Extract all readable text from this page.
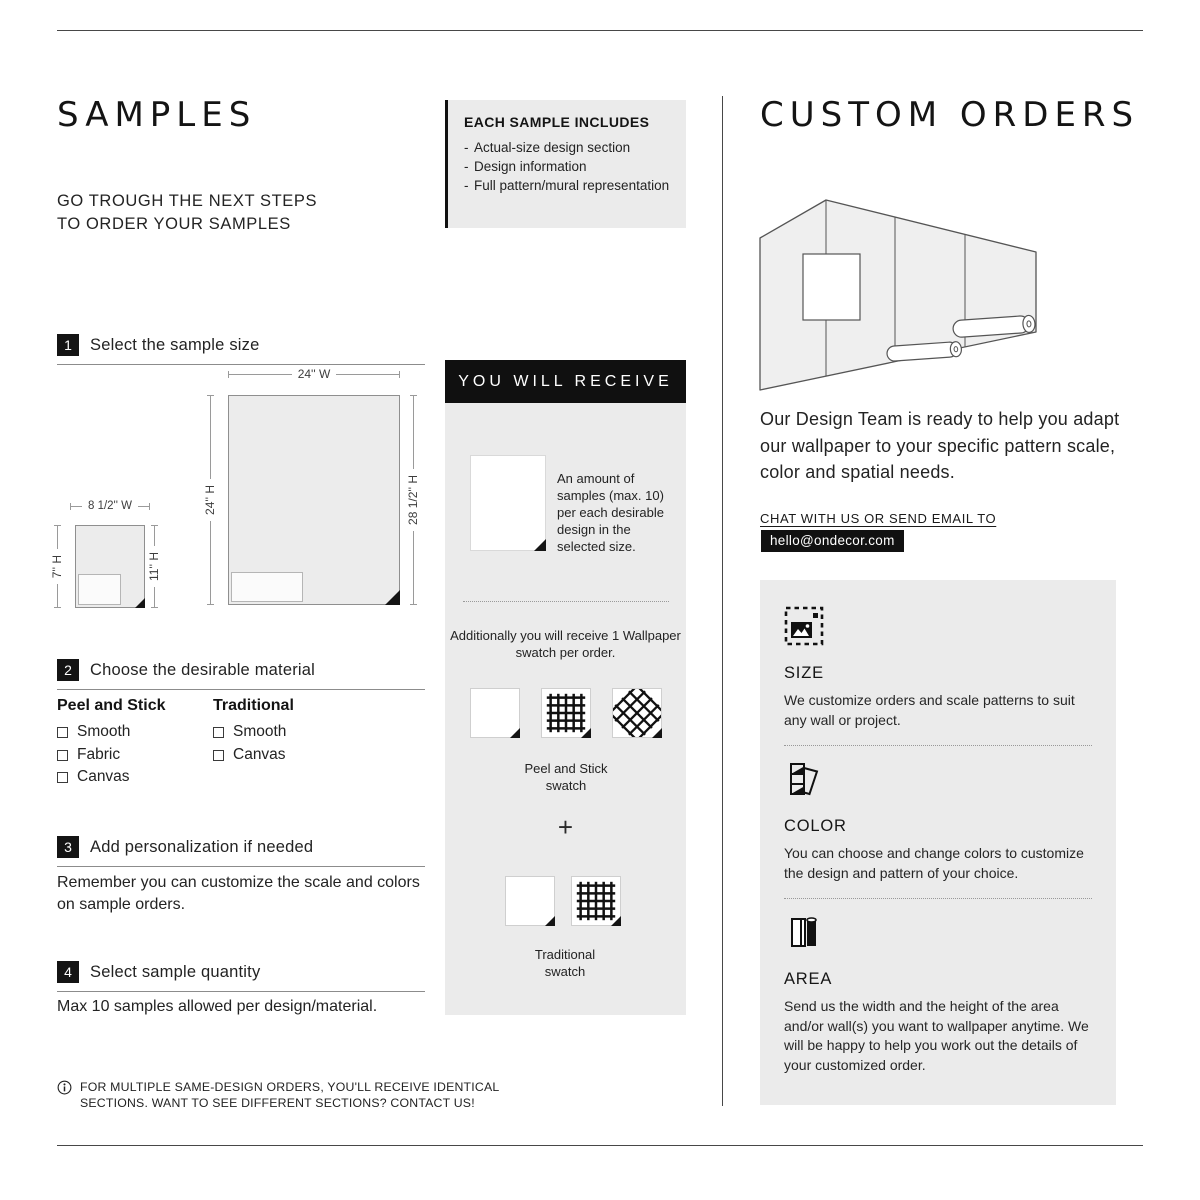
SAMPLES

GO TROUGH THE NEXT STEPS
TO ORDER YOUR SAMPLES

EACH SAMPLE INCLUDES
- Actual-size design section
- Design information
- Full pattern/mural representation
1	Select the sample size
24'' W
24'' H	28 1/2'' H
8 1/2'' W
7'' H	11'' H
2	Choose the desirable material
Peel and Stick	Traditional
Smooth
Fabric
Canvas
Smooth
Canvas
3	Add personalization if needed

Remember you can customize the scale and colors on sample orders.

4	Select sample quantity

Max 10 samples allowed per design/material.

FOR MULTIPLE SAME-DESIGN ORDERS, YOU'LL RECEIVE IDENTICAL SECTIONS. WANT TO SEE DIFFERENT SECTIONS? CONTACT US!
YOU WILL RECEIVE

An amount of samples (max. 10) per each desirable design in the selected size.

Additionally you will receive 1 Wallpaper swatch per order.

Peel and Stick swatch

+

Traditional swatch

CUSTOM ORDERS

Our Design Team is ready to help you adapt our wallpaper to your specific pattern scale, color and spatial needs.

CHAT WITH US OR SEND EMAIL TO
hello@ondecor.com
SIZE

We customize orders and scale patterns to suit any wall or project.

COLOR

You can choose and change colors to customize the design and pattern of your choice.

AREA

Send us the width and the height of the area and/or wall(s) you want to wallpaper anytime. We will be happy to help you work out the details of your customized order.
